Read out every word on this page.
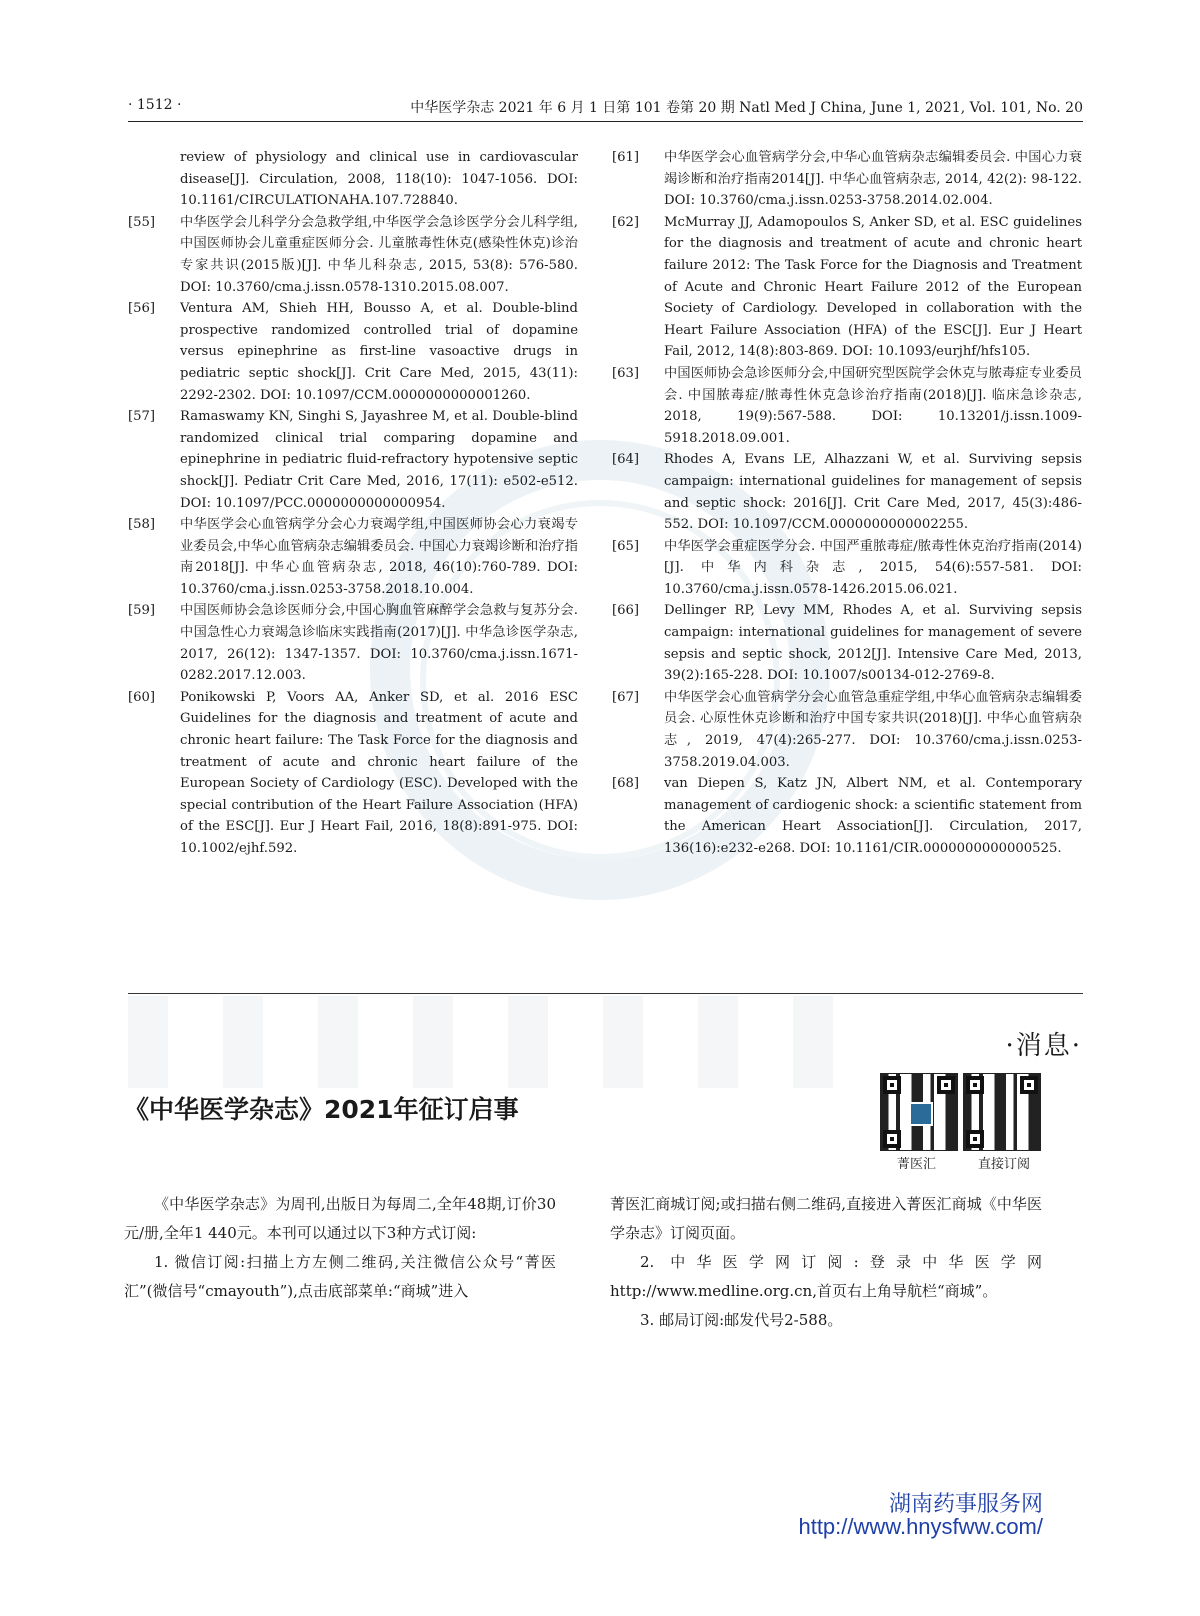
· 1512 ·	中华医学杂志 2021 年 6 月 1 日第 101 卷第 20 期 Natl Med J China, June 1, 2021, Vol. 101, No. 20
review of physiology and clinical use in cardiovascular disease[J]. Circulation, 2008, 118(10): 1047-1056. DOI: 10.1161/CIRCULATIONAHA.107.728840.
[55] 中华医学会儿科学分会急救学组,中华医学会急诊医学分会儿科学组,中国医师协会儿童重症医师分会. 儿童脓毒性休克(感染性休克)诊治专家共识(2015版)[J]. 中华儿科杂志, 2015, 53(8): 576-580. DOI: 10.3760/cma.j.issn.0578-1310.2015.08.007.
[56] Ventura AM, Shieh HH, Bousso A, et al. Double-blind prospective randomized controlled trial of dopamine versus epinephrine as first-line vasoactive drugs in pediatric septic shock[J]. Crit Care Med, 2015, 43(11): 2292-2302. DOI: 10.1097/CCM.0000000000001260.
[57] Ramaswamy KN, Singhi S, Jayashree M, et al. Double-blind randomized clinical trial comparing dopamine and epinephrine in pediatric fluid-refractory hypotensive septic shock[J]. Pediatr Crit Care Med, 2016, 17(11): e502-e512. DOI: 10.1097/PCC.0000000000000954.
[58] 中华医学会心血管病学分会心力衰竭学组,中国医师协会心力衰竭专业委员会,中华心血管病杂志编辑委员会. 中国心力衰竭诊断和治疗指南2018[J]. 中华心血管病杂志, 2018, 46(10):760-789. DOI: 10.3760/cma.j.issn.0253-3758.2018.10.004.
[59] 中国医师协会急诊医师分会,中国心胸血管麻醉学会急救与复苏分会. 中国急性心力衰竭急诊临床实践指南(2017)[J]. 中华急诊医学杂志, 2017, 26(12): 1347-1357. DOI: 10.3760/cma.j.issn.1671-0282.2017.12.003.
[60] Ponikowski P, Voors AA, Anker SD, et al. 2016 ESC Guidelines for the diagnosis and treatment of acute and chronic heart failure: The Task Force for the diagnosis and treatment of acute and chronic heart failure of the European Society of Cardiology (ESC). Developed with the special contribution of the Heart Failure Association (HFA) of the ESC[J]. Eur J Heart Fail, 2016, 18(8):891-975. DOI: 10.1002/ejhf.592.
[61] 中华医学会心血管病学分会,中华心血管病杂志编辑委员会. 中国心力衰竭诊断和治疗指南2014[J]. 中华心血管病杂志, 2014, 42(2): 98-122. DOI: 10.3760/cma.j.issn.0253-3758.2014.02.004.
[62] McMurray JJ, Adamopoulos S, Anker SD, et al. ESC guidelines for the diagnosis and treatment of acute and chronic heart failure 2012: The Task Force for the Diagnosis and Treatment of Acute and Chronic Heart Failure 2012 of the European Society of Cardiology. Developed in collaboration with the Heart Failure Association (HFA) of the ESC[J]. Eur J Heart Fail, 2012, 14(8):803-869. DOI: 10.1093/eurjhf/hfs105.
[63] 中国医师协会急诊医师分会,中国研究型医院学会休克与脓毒症专业委员会. 中国脓毒症/脓毒性休克急诊治疗指南(2018)[J]. 临床急诊杂志, 2018, 19(9):567-588. DOI: 10.13201/j.issn.1009-5918.2018.09.001.
[64] Rhodes A, Evans LE, Alhazzani W, et al. Surviving sepsis campaign: international guidelines for management of sepsis and septic shock: 2016[J]. Crit Care Med, 2017, 45(3):486-552. DOI: 10.1097/CCM.0000000000002255.
[65] 中华医学会重症医学分会. 中国严重脓毒症/脓毒性休克治疗指南(2014)[J]. 中华内科杂志, 2015, 54(6):557-581. DOI: 10.3760/cma.j.issn.0578-1426.2015.06.021.
[66] Dellinger RP, Levy MM, Rhodes A, et al. Surviving sepsis campaign: international guidelines for management of severe sepsis and septic shock, 2012[J]. Intensive Care Med, 2013, 39(2):165-228. DOI: 10.1007/s00134-012-2769-8.
[67] 中华医学会心血管病学分会心血管急重症学组,中华心血管病杂志编辑委员会. 心原性休克诊断和治疗中国专家共识(2018)[J]. 中华心血管病杂志, 2019, 47(4):265-277. DOI: 10.3760/cma.j.issn.0253-3758.2019.04.003.
[68] van Diepen S, Katz JN, Albert NM, et al. Contemporary management of cardiogenic shock: a scientific statement from the American Heart Association[J]. Circulation, 2017, 136(16):e232-e268. DOI: 10.1161/CIR.0000000000000525.
·消息·
《中华医学杂志》2021年征订启事
菁医汇	直接订阅

《中华医学杂志》为周刊,出版日为每周二,全年48期,订价30元/册,全年1 440元。本刊可以通过以下3种方式订阅:

1. 微信订阅:扫描上方左侧二维码,关注微信公众号“菁医汇”(微信号“cmayouth”),点击底部菜单:“商城”进入

菁医汇商城订阅;或扫描右侧二维码,直接进入菁医汇商城《中华医学杂志》订阅页面。

2. 中华医学网订阅:登录中华医学网 http://www.medline.org.cn,首页右上角导航栏“商城”。

3. 邮局订阅:邮发代号2-588。

湖南药事服务网
http://www.hnysfww.com/
